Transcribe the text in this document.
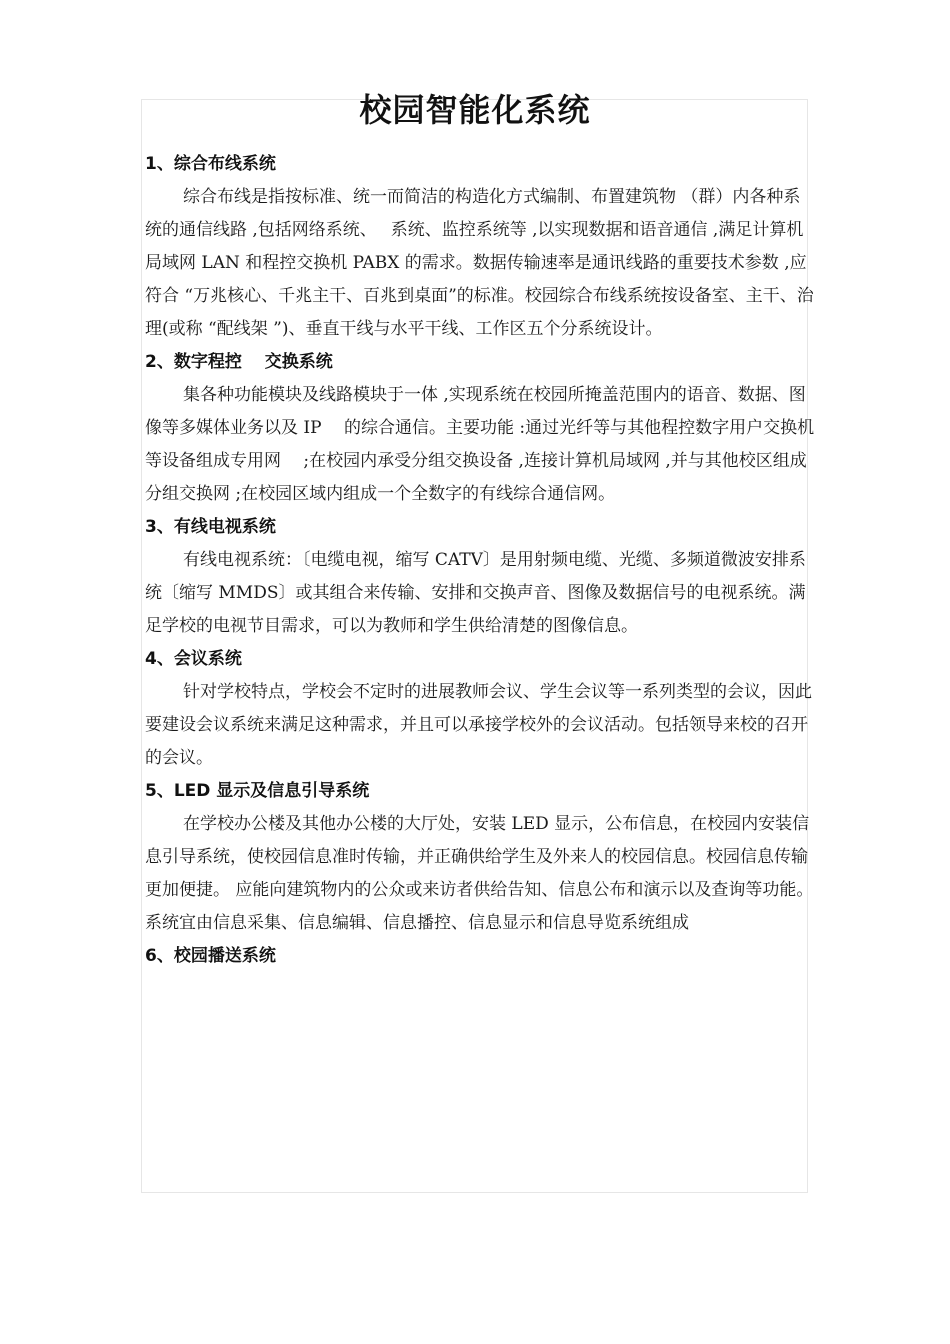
校园智能化系统

1、综合布线系统

综合布线是指按标准、统一而简洁的构造化方式编制、布置建筑物 （群）内各种系统的通信线路 ,包括网络系统、　 系统、监控系统等 ,以实现数据和语音通信 ,满足计算机局域网 LAN 和程控交换机 PABX 的需求。数据传输速率是通讯线路的重要技术参数 ,应符合 “万兆核心、千兆主干、百兆到桌面”的标准。校园综合布线系统按设备室、主干、治理(或称 “配线架 ”)、垂直干线与水平干线、工作区五个分系统设计。

2、数字程控　 交换系统

集各种功能模块及线路模块于一体 ,实现系统在校园所掩盖范围内的语音、数据、图像等多媒体业务以及 IP 　的综合通信。主要功能 :通过光纤等与其他程控数字用户交换机等设备组成专用网 　;在校园内承受分组交换设备 ,连接计算机局域网 ,并与其他校区组成分组交换网 ;在校园区域内组成一个全数字的有线综合通信网。

3、有线电视系统

有线电视系统：〔电缆电视，缩写 CATV〕是用射频电缆、光缆、多频道微波安排系统〔缩写 MMDS〕或其组合来传输、安排和交换声音、图像及数据信号的电视系统。满足学校的电视节目需求，可以为教师和学生供给清楚的图像信息。

4、会议系统

针对学校特点，学校会不定时的进展教师会议、学生会议等一系列类型的会议，因此要建设会议系统来满足这种需求，并且可以承接学校外的会议活动。包括领导来校的召开的会议。

5、LED 显示及信息引导系统

在学校办公楼及其他办公楼的大厅处，安装 LED 显示，公布信息，在校园内安装信息引导系统，使校园信息准时传输，并正确供给学生及外来人的校园信息。校园信息传输更加便捷。 应能向建筑物内的公众或来访者供给告知、信息公布和演示以及查询等功能。 系统宜由信息采集、信息编辑、信息播控、信息显示和信息导览系统组成

6、校园播送系统
